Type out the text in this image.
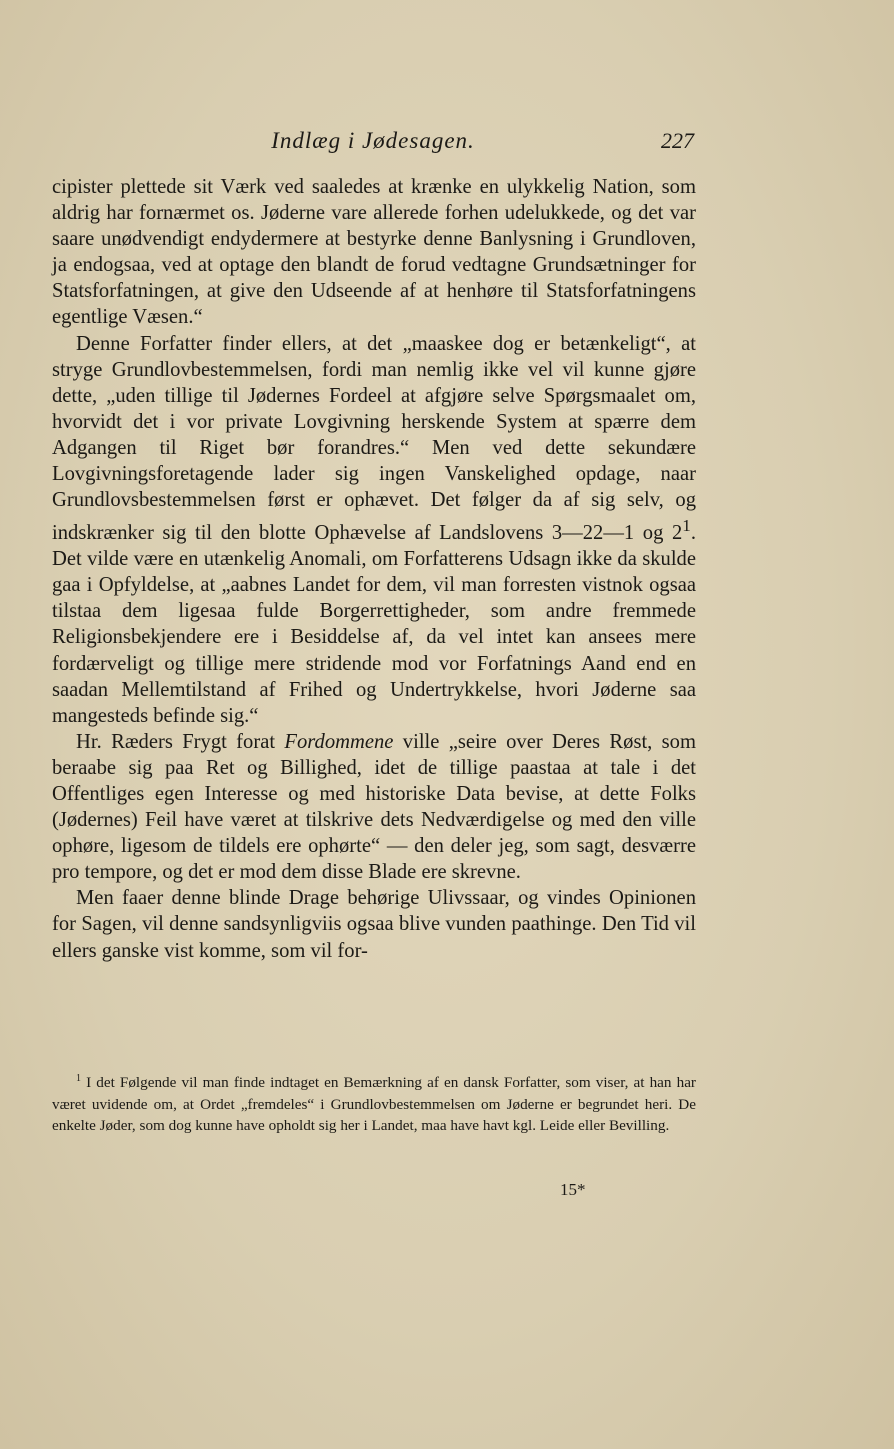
Indlæg i Jødesagen.	227

cipister plettede sit Værk ved saaledes at krænke en ulykkelig Nation, som aldrig har fornærmet os. Jøderne vare allerede forhen udelukkede, og det var saare unødvendigt endydermere at bestyrke denne Banlysning i Grundloven, ja endogsaa, ved at optage den blandt de forud vedtagne Grundsætninger for Statsforfatningen, at give den Udseende af at henhøre til Statsforfatningens egentlige Væsen.“

Denne Forfatter finder ellers, at det „maaskee dog er betænkeligt“, at stryge Grundlovbestemmelsen, fordi man nemlig ikke vel vil kunne gjøre dette, „uden tillige til Jødernes Fordeel at afgjøre selve Spørgsmaalet om, hvorvidt det i vor private Lovgivning herskende System at spærre dem Adgangen til Riget bør forandres.“ Men ved dette sekundære Lovgivningsforetagende lader sig ingen Vanskelighed opdage, naar Grundlovsbestemmelsen først er ophævet. Det følger da af sig selv, og indskrænker sig til den blotte Ophævelse af Landslovens 3—22—1 og $2^1$. Det vilde være en utænkelig Anomali, om Forfatterens Udsagn ikke da skulde gaa i Opfyldelse, at „aabnes Landet for dem, vil man forresten vistnok ogsaa tilstaa dem ligesaa fulde Borgerrettigheder, som andre fremmede Religionsbekjendere ere i Besiddelse af, da vel intet kan ansees mere fordærveligt og tillige mere stridende mod vor Forfatnings Aand end en saadan Mellemtilstand af Frihed og Undertrykkelse, hvori Jøderne saa mangesteds befinde sig.“

Hr. Ræders Frygt forat Fordommene ville „seire over Deres Røst, som beraabe sig paa Ret og Billighed, idet de tillige paastaa at tale i det Offentliges egen Interesse og med historiske Data bevise, at dette Folks (Jødernes) Feil have været at tilskrive dets Nedværdigelse og med den ville ophøre, ligesom de tildels ere ophørte“ — den deler jeg, som sagt, desværre pro tempore, og det er mod dem disse Blade ere skrevne.

Men faaer denne blinde Drage behørige Ulivssaar, og vindes Opinionen for Sagen, vil denne sandsynligviis ogsaa blive vunden paathinge. Den Tid vil ellers ganske vist komme, som vil for-

$^1$ I det Følgende vil man finde indtaget en Bemærkning af en dansk Forfatter, som viser, at han har været uvidende om, at Ordet „fremdeles“ i Grundlovbestemmelsen om Jøderne er begrundet heri. De enkelte Jøder, som dog kunne have opholdt sig her i Landet, maa have havt kgl. Leide eller Bevilling.

15*
